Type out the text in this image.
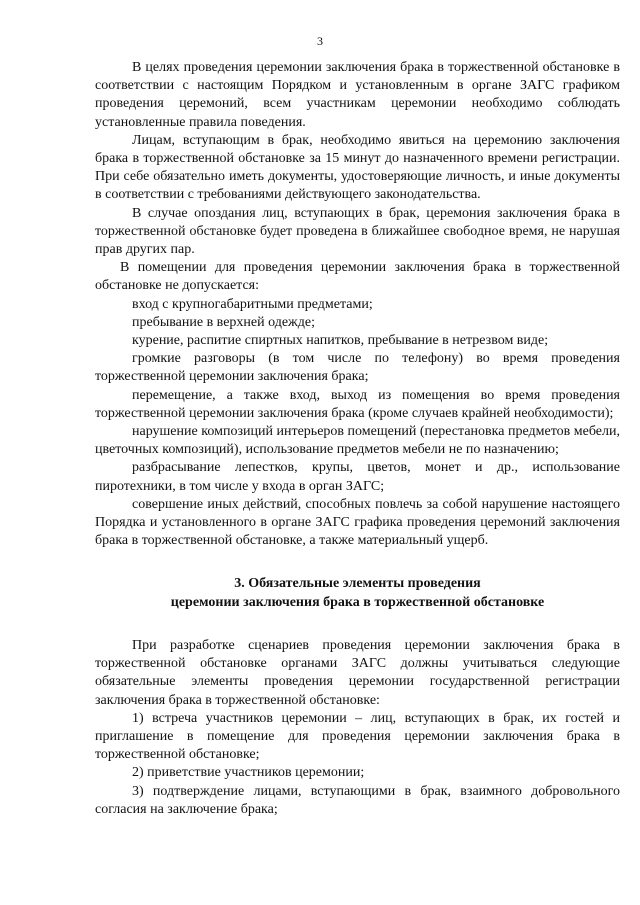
3

В целях проведения церемонии заключения брака в торжественной обстановке в соответствии с настоящим Порядком и установленным в органе ЗАГС графиком проведения церемоний, всем участникам церемонии необходимо соблюдать установленные правила поведения.

Лицам, вступающим в брак, необходимо явиться на церемонию заключения брака в торжественной обстановке за 15 минут до назначенного времени регистрации. При себе обязательно иметь документы, удостоверяющие личность, и иные документы в соответствии с требованиями действующего законодательства.

В случае опоздания лиц, вступающих в брак, церемония заключения брака в торжественной обстановке будет проведена в ближайшее свободное время, не нарушая прав других пар.

В помещении для проведения церемонии заключения брака в торжественной обстановке не допускается:

вход с крупногабаритными предметами;

пребывание в верхней одежде;

курение, распитие спиртных напитков, пребывание в нетрезвом виде;

громкие разговоры (в том числе по телефону) во время проведения торжественной церемонии заключения брака;

перемещение, а также вход, выход из помещения во время проведения торжественной церемонии заключения брака (кроме случаев крайней необходимости);

нарушение композиций интерьеров помещений (перестановка предметов мебели, цветочных композиций), использование предметов мебели не по назначению;

разбрасывание лепестков, крупы, цветов, монет и др., использование пиротехники, в том числе у входа в орган ЗАГС;

совершение иных действий, способных повлечь за собой нарушение настоящего Порядка и установленного в органе ЗАГС графика проведения церемоний заключения брака в торжественной обстановке, а также материальный ущерб.

3. Обязательные элементы проведения

церемонии заключения брака в торжественной обстановке

При разработке сценариев проведения церемонии заключения брака в торжественной обстановке органами ЗАГС должны учитываться следующие обязательные элементы проведения церемонии государственной регистрации заключения брака в торжественной обстановке:

1) встреча участников церемонии – лиц, вступающих в брак, их гостей и приглашение в помещение для проведения церемонии заключения брака в торжественной обстановке;

2) приветствие участников церемонии;

3) подтверждение лицами, вступающими в брак, взаимного добровольного согласия на заключение брака;
